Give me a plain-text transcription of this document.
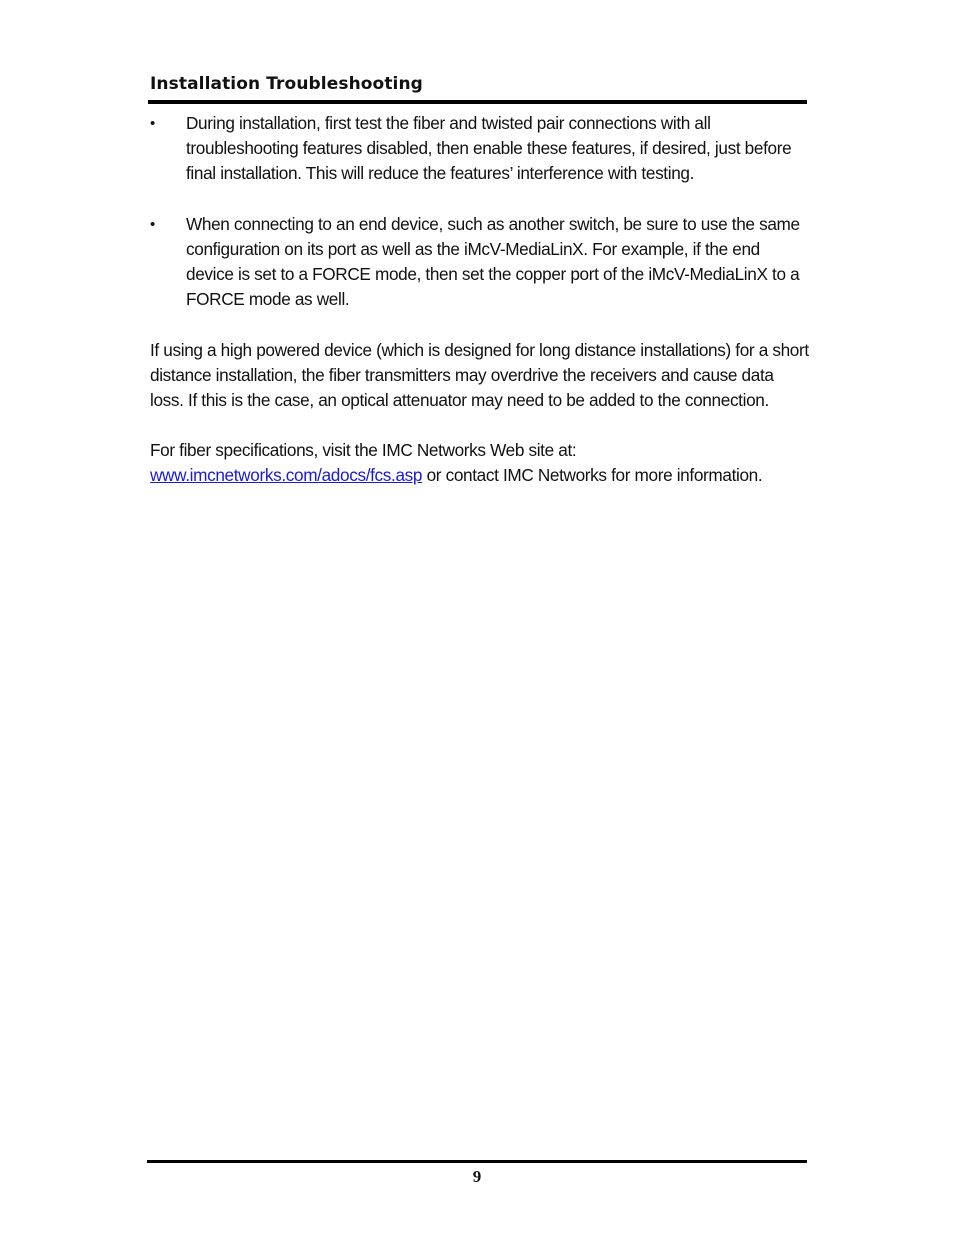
Installation Troubleshooting
• During installation, first test the fiber and twisted pair connections with all troubleshooting features disabled, then enable these features, if desired, just before final installation. This will reduce the features’ interference with testing.
• When connecting to an end device, such as another switch, be sure to use the same configuration on its port as well as the iMcV-MediaLinX. For example, if the end device is set to a FORCE mode, then set the copper port of the iMcV-MediaLinX to a FORCE mode as well.

If using a high powered device (which is designed for long distance installations) for a short distance installation, the fiber transmitters may overdrive the receivers and cause data loss. If this is the case, an optical attenuator may need to be added to the connection.

For fiber specifications, visit the IMC Networks Web site at:
www.imcnetworks.com/adocs/fcs.asp or contact IMC Networks for more information.

9
